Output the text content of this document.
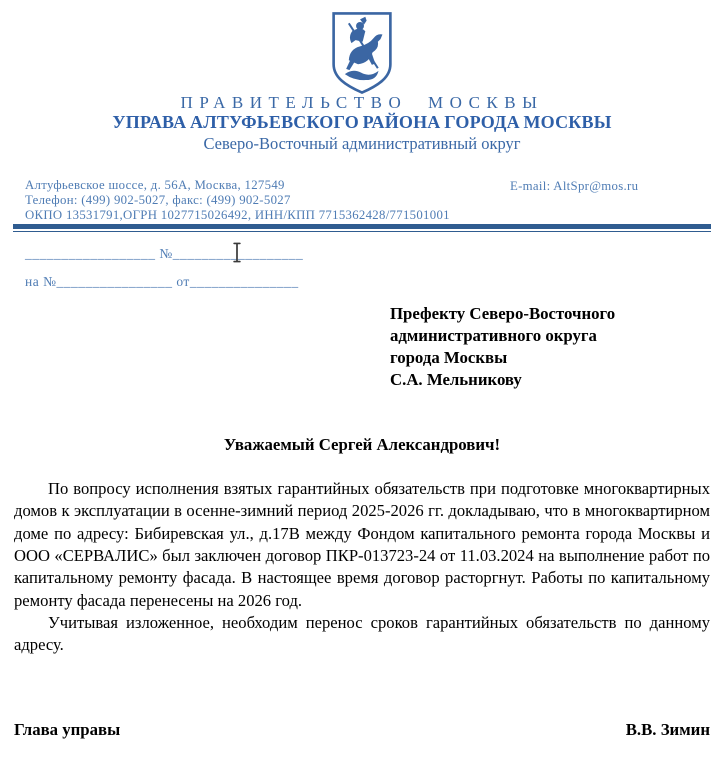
ПРАВИТЕЛЬСТВО МОСКВЫ
УПРАВА АЛТУФЬЕВСКОГО РАЙОНА ГОРОДА МОСКВЫ
Северо-Восточный административный округ
Алтуфьевское шоссе, д. 56А, Москва, 127549
Телефон: (499) 902-5027, факс: (499) 902-5027
ОКПО 13531791,ОГРН 1027715026492, ИНН/КПП 7715362428/771501001
E-mail: AltSpr@mos.ru
__________________ №__________________
на №________________ от_______________
Префекту Северо-Восточного
административного округа
города Москвы
С.А. Мельникову
Уважаемый Сергей Александрович!

По вопросу исполнения взятых гарантийных обязательств при подготовке многоквартирных домов к эксплуатации в осенне-зимний период 2025-2026 гг. докладываю, что в многоквартирном доме по адресу: Бибиревская ул., д.17В между Фондом капитального ремонта города Москвы и ООО «СЕРВАЛИС» был заключен договор ПКР-013723-24 от 11.03.2024 на выполнение работ по капитальному ремонту фасада. В настоящее время договор расторгнут. Работы по капитальному ремонту фасада перенесены на 2026 год.

Учитывая изложенное, необходим перенос сроков гарантийных обязательств по данному адресу.

Глава управы	В.В. Зимин
